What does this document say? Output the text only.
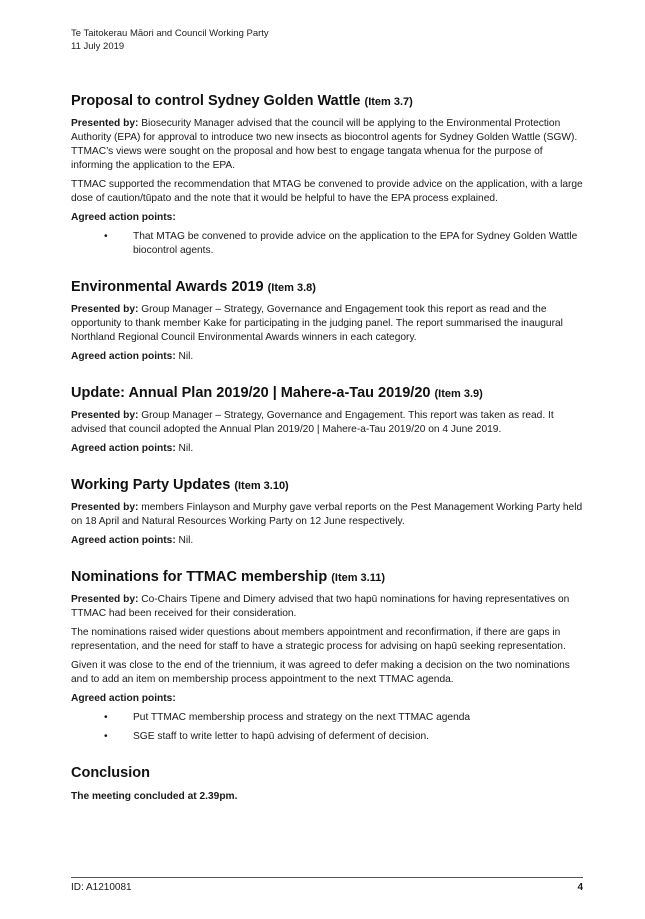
Te Taitokerau Māori and Council Working Party
11 July 2019
Proposal to control Sydney Golden Wattle (Item 3.7)

Presented by: Biosecurity Manager advised that the council will be applying to the Environmental Protection Authority (EPA) for approval to introduce two new insects as biocontrol agents for Sydney Golden Wattle (SGW). TTMAC’s views were sought on the proposal and how best to engage tangata whenua for the purpose of informing the application to the EPA.

TTMAC supported the recommendation that MTAG be convened to provide advice on the application, with a large dose of caution/tūpato and the note that it would be helpful to have the EPA process explained.

Agreed action points:

• That MTAG be convened to provide advice on the application to the EPA for Sydney Golden Wattle biocontrol agents.
Environmental Awards 2019 (Item 3.8)

Presented by: Group Manager – Strategy, Governance and Engagement took this report as read and the opportunity to thank member Kake for participating in the judging panel. The report summarised the inaugural Northland Regional Council Environmental Awards winners in each category.

Agreed action points: Nil.

Update: Annual Plan 2019/20 | Mahere-a-Tau 2019/20 (Item 3.9)

Presented by: Group Manager – Strategy, Governance and Engagement. This report was taken as read. It advised that council adopted the Annual Plan 2019/20 | Mahere-a-Tau 2019/20 on 4 June 2019.

Agreed action points: Nil.

Working Party Updates (Item 3.10)

Presented by: members Finlayson and Murphy gave verbal reports on the Pest Management Working Party held on 18 April and Natural Resources Working Party on 12 June respectively.

Agreed action points: Nil.

Nominations for TTMAC membership (Item 3.11)

Presented by: Co-Chairs Tipene and Dimery advised that two hapū nominations for having representatives on TTMAC had been received for their consideration.

The nominations raised wider questions about members appointment and reconfirmation, if there are gaps in representation, and the need for staff to have a strategic process for advising on hapū seeking representation.

Given it was close to the end of the triennium, it was agreed to defer making a decision on the two nominations and to add an item on membership process appointment to the next TTMAC agenda.

Agreed action points:

• Put TTMAC membership process and strategy on the next TTMAC agenda
• SGE staff to write letter to hapū advising of deferment of decision.
Conclusion

The meeting concluded at 2.39pm.

ID: A1210081	4
